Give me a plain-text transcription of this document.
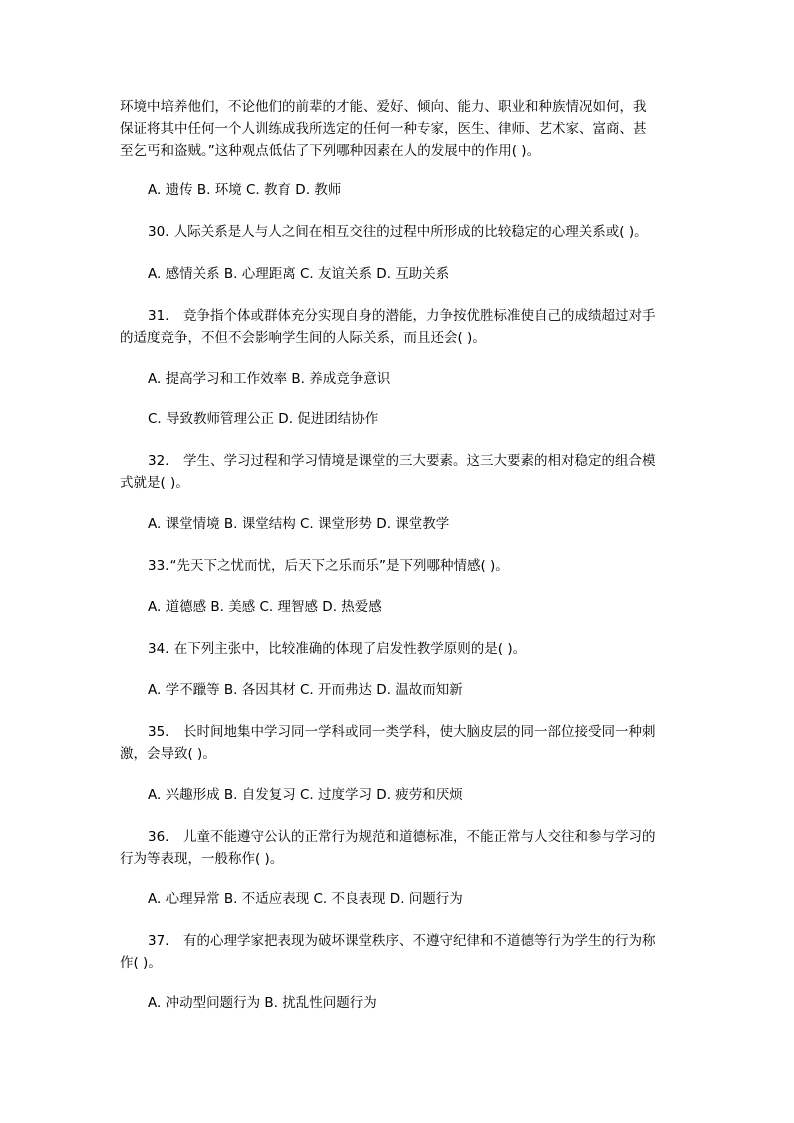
环境中培养他们，不论他们的前辈的才能、爱好、倾向、能力、职业和种族情况如何，我
保证将其中任何一个人训练成我所选定的任何一种专家，医生、律师、艺术家、富商、甚
至乞丐和盗贼。”这种观点低估了下列哪种因素在人的发展中的作用( )。
A. 遗传 B. 环境 C. 教育 D. 教师
30. 人际关系是人与人之间在相互交往的过程中所形成的比较稳定的心理关系或( )。
A. 感情关系 B. 心理距离 C. 友谊关系 D. 互助关系
31.　竞争指个体或群体充分实现自身的潜能，力争按优胜标准使自己的成绩超过对手
的适度竞争，不但不会影响学生间的人际关系，而且还会( )。
A. 提高学习和工作效率 B. 养成竞争意识
C. 导致教师管理公正 D. 促进团结协作
32.　学生、学习过程和学习情境是课堂的三大要素。这三大要素的相对稳定的组合模
式就是( )。
A. 课堂情境 B. 课堂结构 C. 课堂形势 D. 课堂教学
33.“先天下之忧而忧，后天下之乐而乐”是下列哪种情感( )。
A. 道德感 B. 美感 C. 理智感 D. 热爱感
34. 在下列主张中，比较准确的体现了启发性教学原则的是( )。
A. 学不躐等 B. 各因其材 C. 开而弗达 D. 温故而知新
35.　长时间地集中学习同一学科或同一类学科，使大脑皮层的同一部位接受同一种刺
激，会导致( )。
A. 兴趣形成 B. 自发复习 C. 过度学习 D. 疲劳和厌烦
36.　儿童不能遵守公认的正常行为规范和道德标准，不能正常与人交往和参与学习的
行为等表现，一般称作( )。
A. 心理异常 B. 不适应表现 C. 不良表现 D. 问题行为
37.　有的心理学家把表现为破坏课堂秩序、不遵守纪律和不道德等行为学生的行为称
作( )。
A. 冲动型问题行为 B. 扰乱性问题行为
